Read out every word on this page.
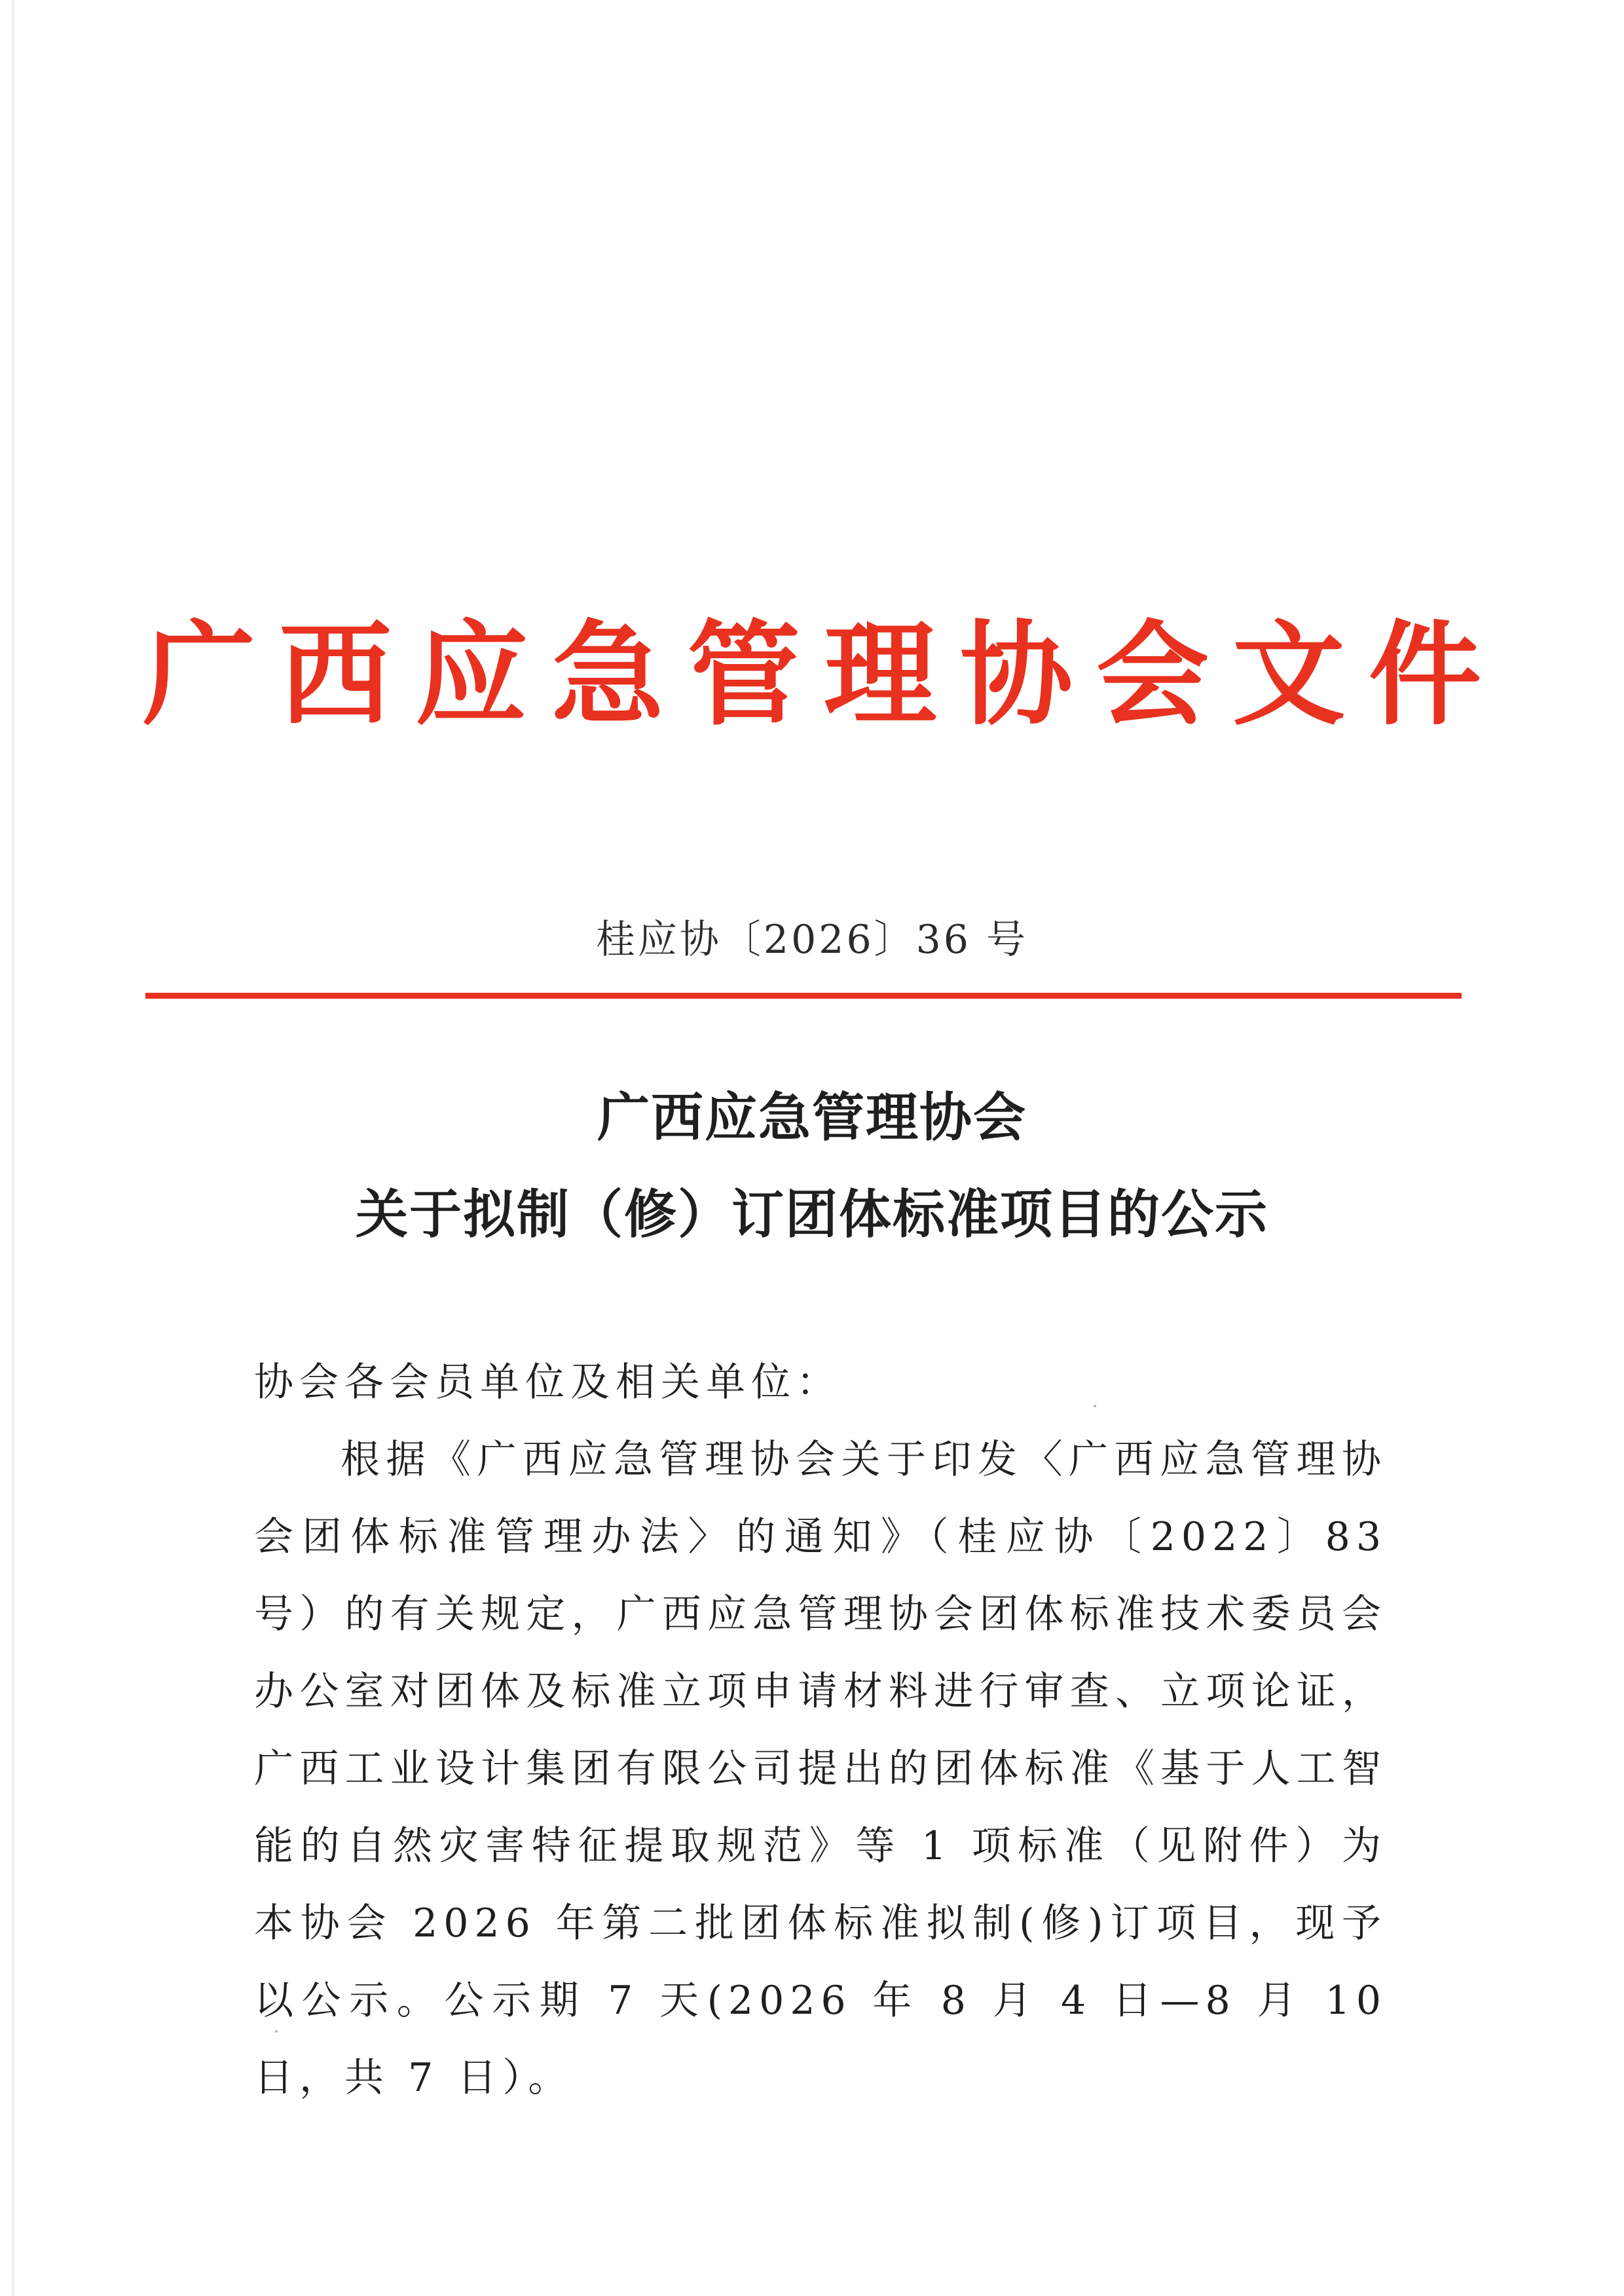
广西应急管理协会文件
桂应协〔2026〕36 号
广西应急管理协会
关于拟制（修）订团体标准项目的公示

协会各会员单位及相关单位：

根据《广西应急管理协会关于印发〈广西应急管理协会团体标准管理办法〉的通知》（桂应协〔2022〕83 号）的有关规定，广西应急管理协会团体标准技术委员会办公室对团体及标准立项申请材料进行审查、立项论证，广西工业设计集团有限公司提出的团体标准《基于人工智能的自然灾害特征提取规范》等 1 项标准（见附件）为本协会 2026 年第二批团体标准拟制(修)订项目，现予以公示。公示期 7 天(2026 年 8 月 4 日—8 月 10 日，共 7 日）。
